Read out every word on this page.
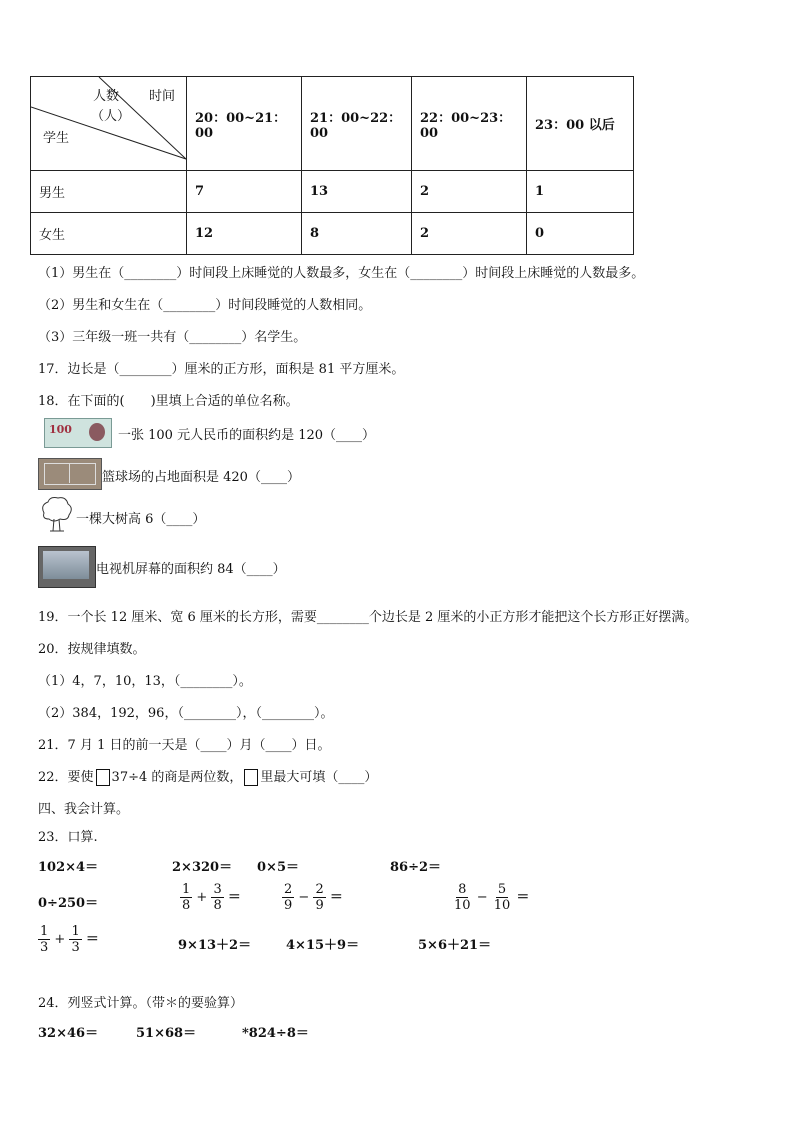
人数
（人）
时间
学生	20：00~21：00	21：00~22：00	22：00~23：00	23：00 以后
男生	7	13	2	1
女生	12	8	2	0
（1）男生在（________）时间段上床睡觉的人数最多，女生在（________）时间段上床睡觉的人数最多。
（2）男生和女生在（________）时间段睡觉的人数相同。
（3）三年级一班一共有（________）名学生。
17．边长是（________）厘米的正方形，面积是 81 平方厘米。
18．在下面的(　　)里填上合适的单位名称。
100	一张 100 元人民币的面积约是 120（____）
篮球场的占地面积是 420（____）
一棵大树高 6（____）
电视机屏幕的面积约 84（____）
19．一个长 12 厘米、宽 6 厘米的长方形，需要________个边长是 2 厘米的小正方形才能把这个长方形正好摆满。
20．按规律填数。
（1）4，7，10，13，（________）。
（2）384，192，96，（________），（________）。
21．7 月 1 日的前一天是（____）月（____）日。
22．要使 37÷4 的商是两位数， 里最大可填（____）
四、我会计算。
23．口算.
102×4＝	2×320＝ 0×5＝	86÷2＝
0÷250＝	$\frac{1}{8} + \frac{3}{8}$ ＝	$\frac{2}{9} - \frac{2}{9}$ ＝	$\frac{8}{10} - \frac{5}{10}$ ＝
$\frac{1}{3} + \frac{1}{3}$ ＝	9×13＋2＝	4×15＋9＝	5×6＋21＝
24．列竖式计算。（带＊的要验算）
32×46＝	51×68＝	*824÷8＝
